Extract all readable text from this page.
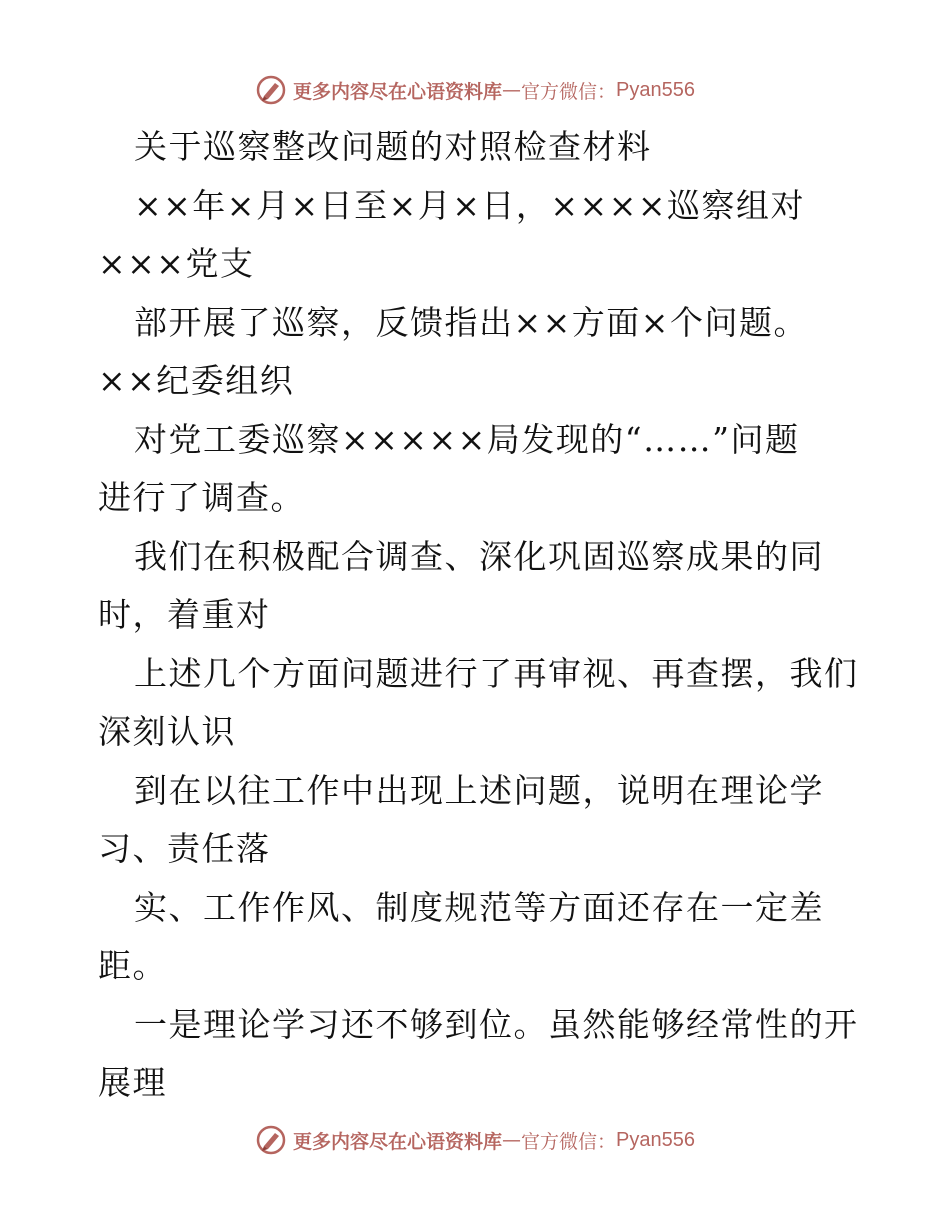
更多内容尽在心语资料库 — 官方微信： Pyan556
关于巡察整改问题的对照检查材料
××年×月×日至×月×日，××××巡察组对
×××党支
部开展了巡察，反馈指出××方面×个问题。
××纪委组织
对党工委巡察×××××局发现的“……”问题
进行了调查。
我们在积极配合调查、深化巩固巡察成果的同
时，着重对
上述几个方面问题进行了再审视、再查摆，我们
深刻认识
到在以往工作中出现上述问题，说明在理论学
习、责任落
实、工作作风、制度规范等方面还存在一定差
距。
一是理论学习还不够到位。虽然能够经常性的开
展理
更多内容尽在心语资料库 — 官方微信： Pyan556
